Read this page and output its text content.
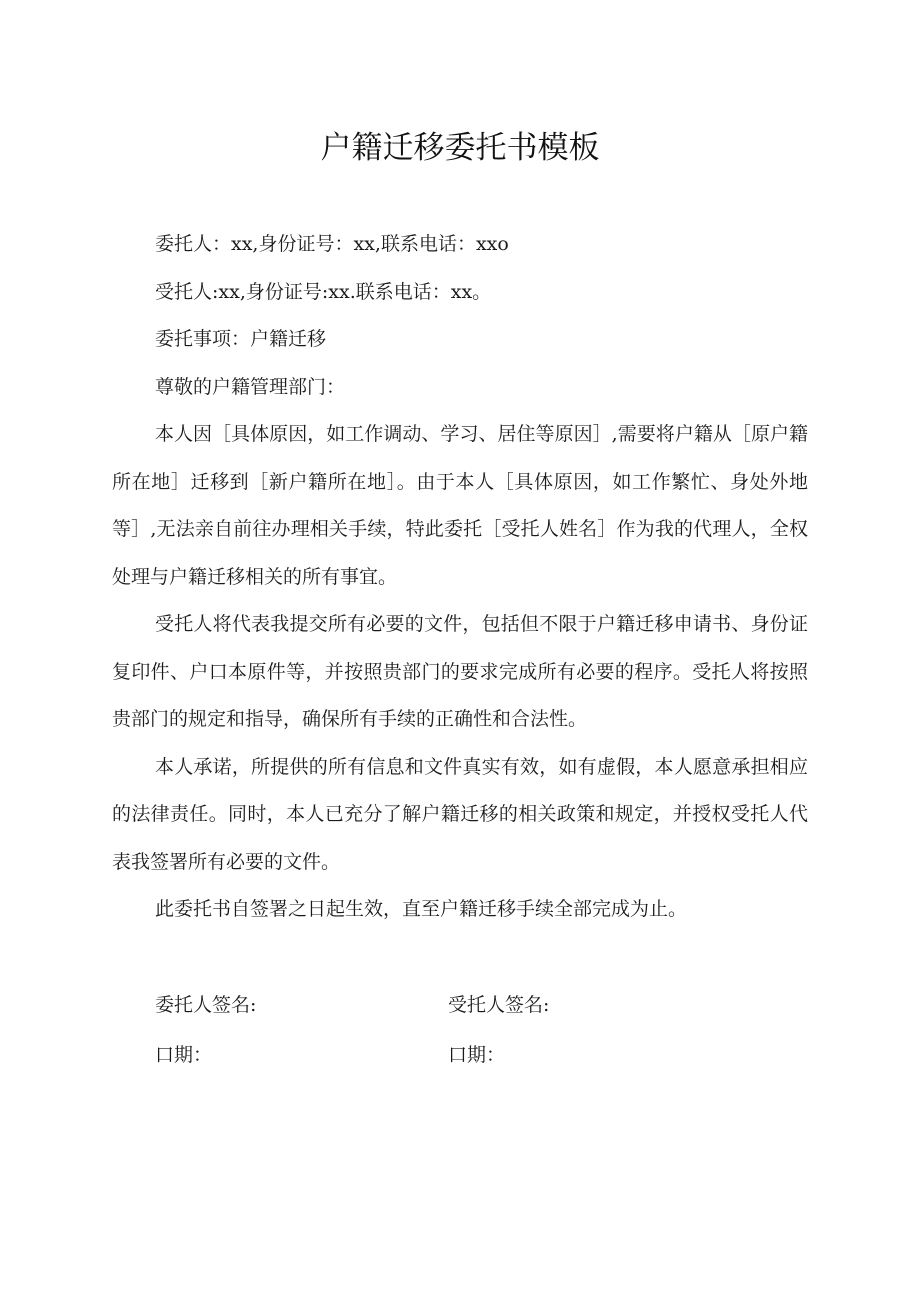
户籍迁移委托书模板

委托人：xx,身份证号：xx,联系电话：xxo

受托人:xx,身份证号:xx.联系电话：xx。

委托事项：户籍迁移

尊敬的户籍管理部门：

本人因［具体原因，如工作调动、学习、居住等原因］,需要将户籍从［原户籍所在地］迁移到［新户籍所在地］。由于本人［具体原因，如工作繁忙、身处外地等］,无法亲自前往办理相关手续，特此委托［受托人姓名］作为我的代理人，全权处理与户籍迁移相关的所有事宜。

受托人将代表我提交所有必要的文件，包括但不限于户籍迁移申请书、身份证复印件、户口本原件等，并按照贵部门的要求完成所有必要的程序。受托人将按照贵部门的规定和指导，确保所有手续的正确性和合法性。

本人承诺，所提供的所有信息和文件真实有效，如有虚假，本人愿意承担相应的法律责任。同时，本人已充分了解户籍迁移的相关政策和规定，并授权受托人代表我签署所有必要的文件。

此委托书自签署之日起生效，直至户籍迁移手续全部完成为止。

委托人签名:	受托人签名:
口期：	口期：
